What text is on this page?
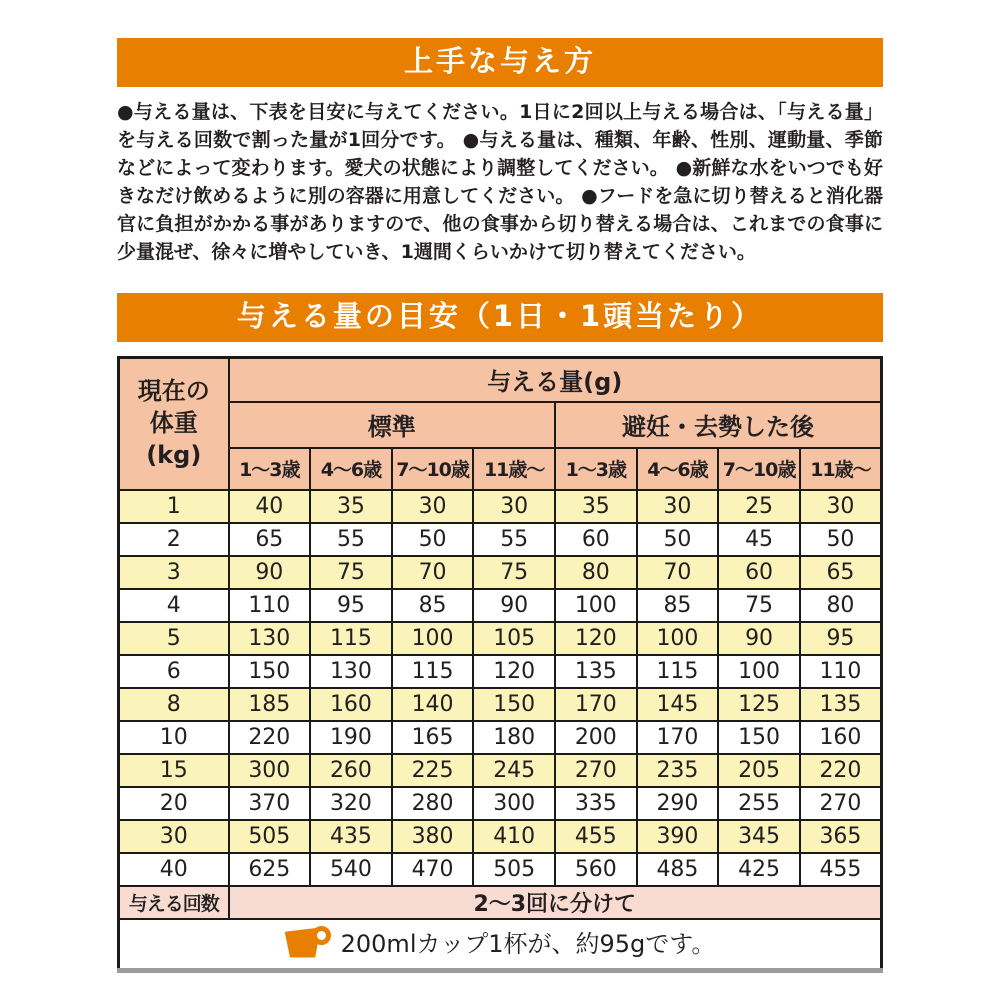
上手な与え方

●与える量は、下表を目安に与えてください。1日に2回以上与える場合は、「与える量」を与える回数で割った量が1回分です。 ●与える量は、種類、年齢、性別、運動量、季節などによって変わります。愛犬の状態により調整してください。 ●新鮮な水をいつでも好きなだけ飲めるように別の容器に用意してください。 ●フードを急に切り替えると消化器官に負担がかかる事がありますので、他の食事から切り替える場合は、これまでの食事に少量混ぜ、徐々に増やしていき、1週間くらいかけて切り替えてください。

与える量の目安（1日・1頭当たり）
現在の
体重
(kg)	与える量(g)							
	標準				避妊・去勢した後			
	1～3歳	4～6歳	7～10歳	11歳～	1～3歳	4～6歳	7～10歳	11歳～
1	40	35	30	30	35	30	25	30
2	65	55	50	55	60	50	45	50
3	90	75	70	75	80	70	60	65
4	110	95	85	90	100	85	75	80
5	130	115	100	105	120	100	90	95
6	150	130	115	120	135	115	100	110
8	185	160	140	150	170	145	125	135
10	220	190	165	180	200	170	150	160
15	300	260	225	245	270	235	205	220
20	370	320	280	300	335	290	255	270
30	505	435	380	410	455	390	345	365
40	625	540	470	505	560	485	425	455
与える回数	2～3回に分けて							

200mlカップ1杯が、約95gです。								
